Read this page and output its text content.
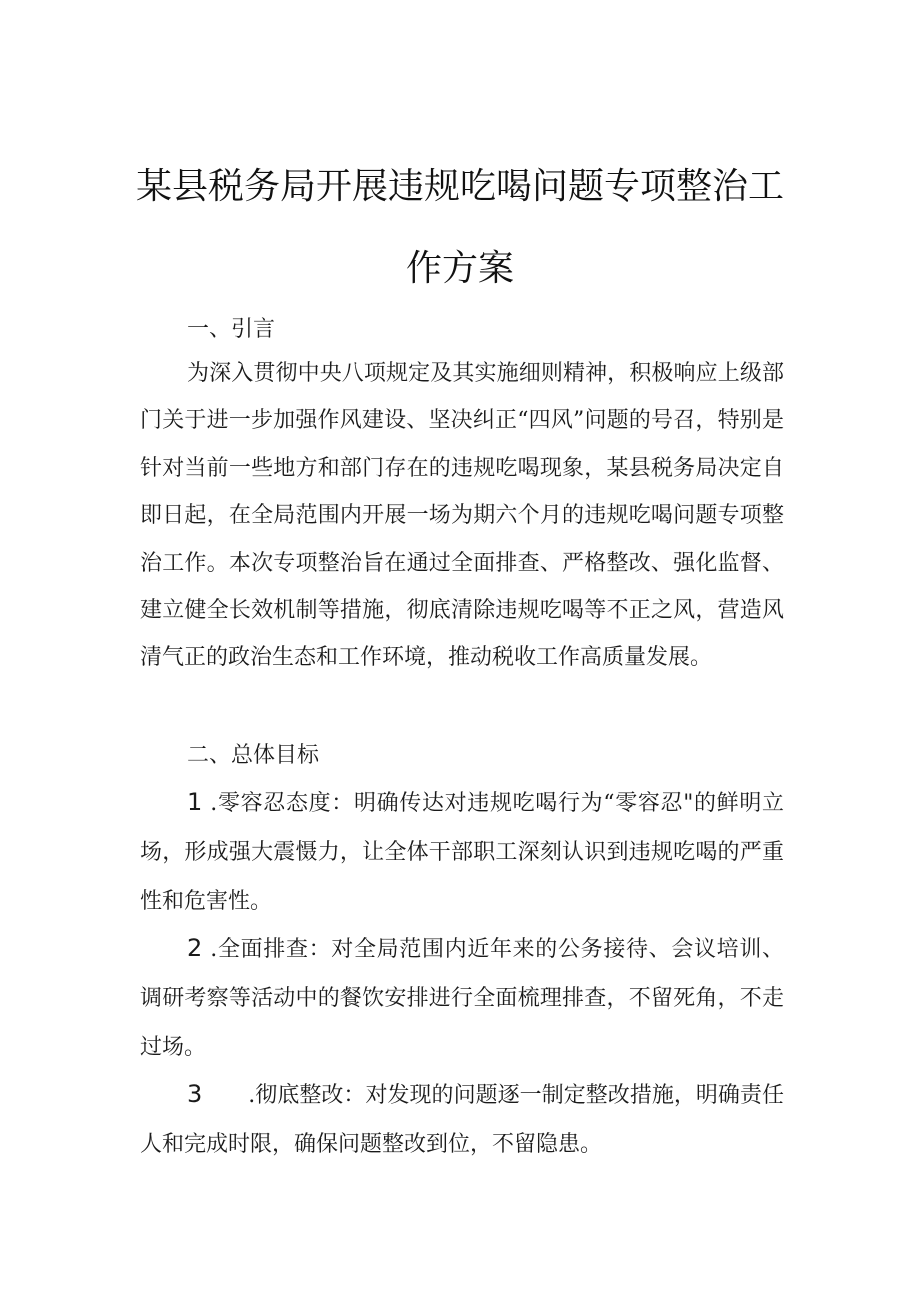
某县税务局开展违规吃喝问题专项整治工
作方案
一、引言

为深入贯彻中央八项规定及其实施细则精神，积极响应上级部门关于进一步加强作风建设、坚决纠正“四风”问题的号召，特别是针对当前一些地方和部门存在的违规吃喝现象，某县税务局决定自即日起，在全局范围内开展一场为期六个月的违规吃喝问题专项整治工作。本次专项整治旨在通过全面排查、严格整改、强化监督、建立健全长效机制等措施，彻底清除违规吃喝等不正之风，营造风清气正的政治生态和工作环境，推动税收工作高质量发展。

二、总体目标

1 .零容忍态度：明确传达对违规吃喝行为“零容忍"的鲜明立场，形成强大震慑力，让全体干部职工深刻认识到违规吃喝的严重性和危害性。

2 .全面排查：对全局范围内近年来的公务接待、会议培训、调研考察等活动中的餐饮安排进行全面梳理排查，不留死角，不走过场。

3 .彻底整改：对发现的问题逐一制定整改措施，明确责任人和完成时限，确保问题整改到位，不留隐患。
